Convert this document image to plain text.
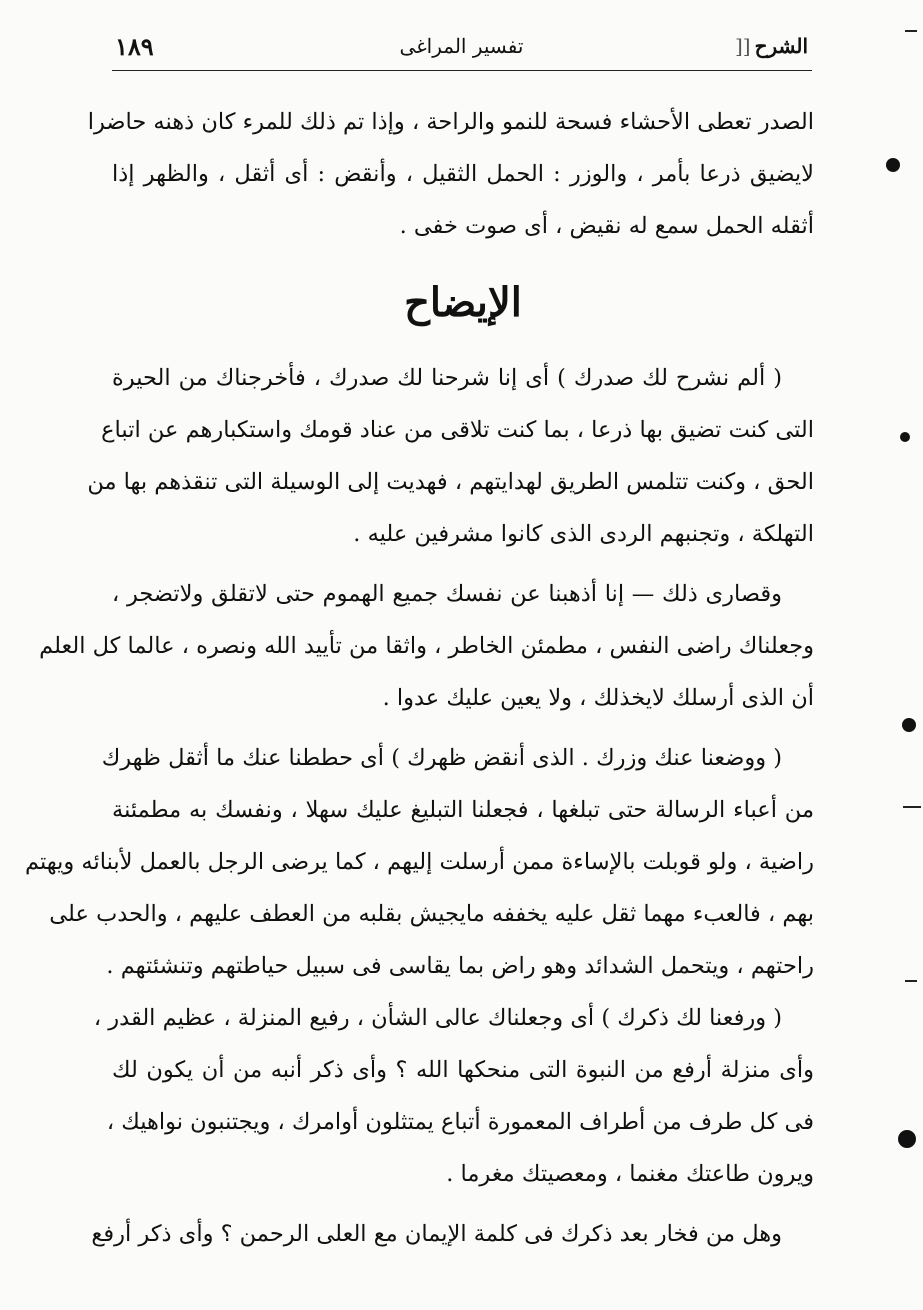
الشرح[[
تفسير المراغى
١٨٩
الصدر تعطى الأحشاء فسحة للنمو والراحة ، وإذا تم ذلك للمرء كان ذهنه حاضرا
لايضيق ذرعا بأمر ، والوزر : الحمل الثقيل ، وأنقض : أى أثقل ، والظهر إذا
أثقله الحمل سمع له نقيض ، أى صوت خفى .
الإيضاح
( ألم نشرح لك صدرك ) أى إنا شرحنا لك صدرك ، فأخرجناك من الحيرة
التى كنت تضيق بها ذرعا ، بما كنت تلاقى من عناد قومك واستكبارهم عن اتباع
الحق ، وكنت تتلمس الطريق لهدايتهم ، فهديت إلى الوسيلة التى تنقذهم بها من
التهلكة ، وتجنبهم الردى الذى كانوا مشرفين عليه .
وقصارى ذلك — إنا أذهبنا عن نفسك جميع الهموم حتى لاتقلق ولاتضجر ،
وجعلناك راضى النفس ، مطمئن الخاطر ، واثقا من تأييد الله ونصره ، عالما كل العلم
أن الذى أرسلك لايخذلك ، ولا يعين عليك عدوا .
( ووضعنا عنك وزرك . الذى أنقض ظهرك ) أى حططنا عنك ما أثقل ظهرك
من أعباء الرسالة حتى تبلغها ، فجعلنا التبليغ عليك سهلا ، ونفسك به مطمئنة
راضية ، ولو قوبلت بالإساءة ممن أرسلت إليهم ، كما يرضى الرجل بالعمل لأبنائه ويهتم
بهم ، فالعبء مهما ثقل عليه يخففه مايجيش بقلبه من العطف عليهم ، والحدب على
راحتهم ، ويتحمل الشدائد وهو راض بما يقاسى فى سبيل حياطتهم وتنشئتهم .
( ورفعنا لك ذكرك ) أى وجعلناك عالى الشأن ، رفيع المنزلة ، عظيم القدر ،
وأى منزلة أرفع من النبوة التى منحكها الله ؟ وأى ذكر أنبه من أن يكون لك
فى كل طرف من أطراف المعمورة أتباع يمتثلون أوامرك ، ويجتنبون نواهيك ،
ويرون طاعتك مغنما ، ومعصيتك مغرما .
وهل من فخار بعد ذكرك فى كلمة الإيمان مع العلى الرحمن ؟ وأى ذكر أرفع
